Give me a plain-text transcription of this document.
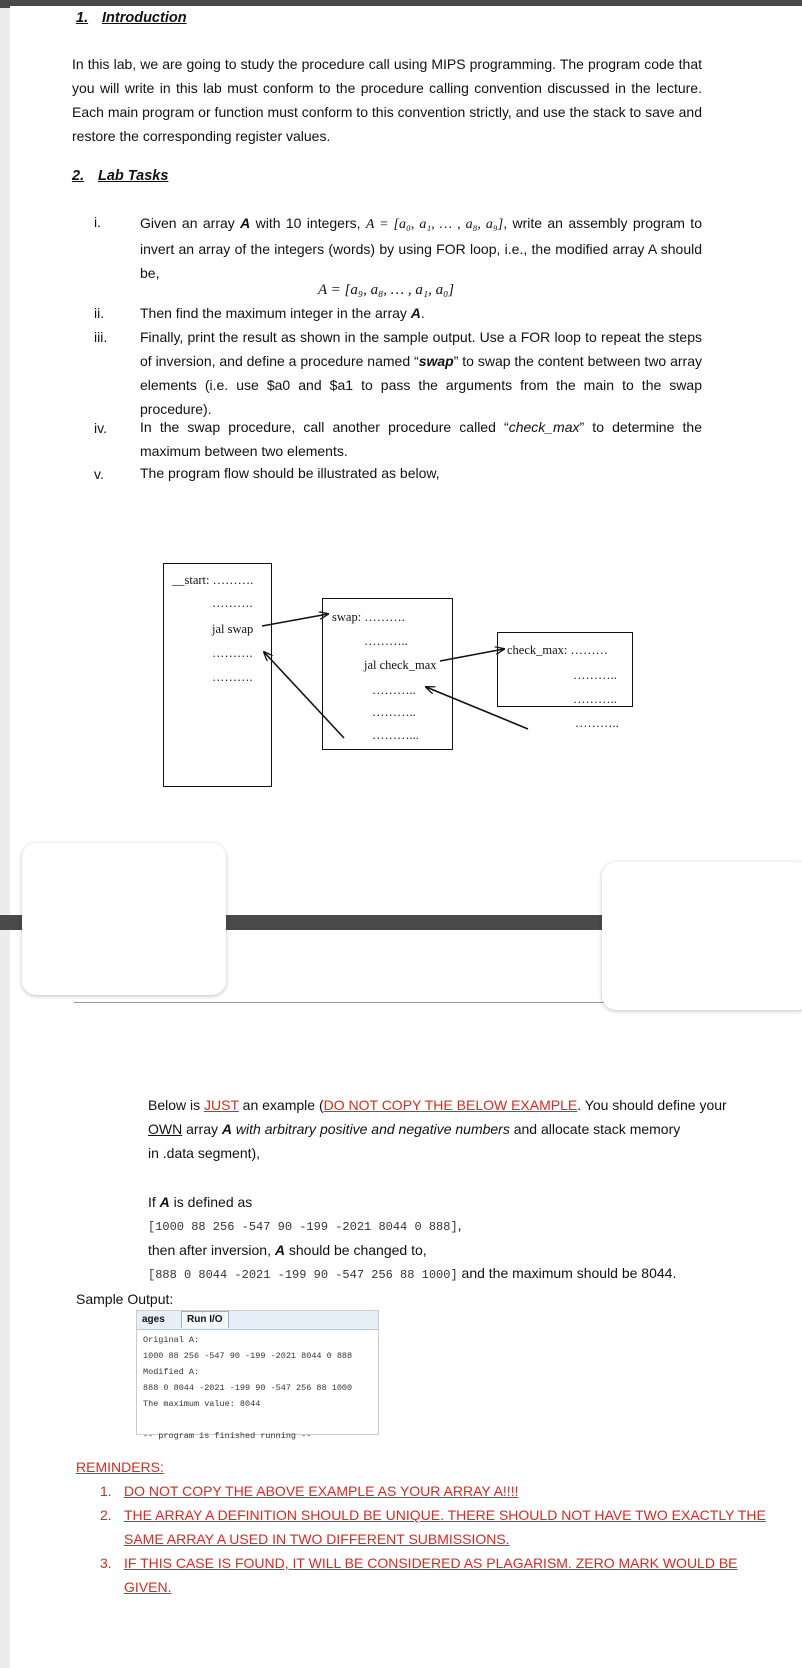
1. Introduction
In this lab, we are going to study the procedure call using MIPS programming. The program code that you will write in this lab must conform to the procedure calling convention discussed in the lecture. Each main program or function must conform to this convention strictly, and use the stack to save and restore the corresponding register values.
2. Lab Tasks
i.	Given an array A with 10 integers, A = [a₀, a₁, … , a₈, a₉], write an assembly program to invert an array of the integers (words) by using FOR loop, i.e., the modified array A should be,
A = [a₉, a₈, … , a₁, a₀]
ii.	Then find the maximum integer in the array A.
iii. Finally, print the result as shown in the sample output. Use a FOR loop to repeat the steps of inversion, and define a procedure named “swap” to swap the content between two array elements (i.e. use $a0 and $a1 to pass the arguments from the main to the swap procedure).
iv. In the swap procedure, call another procedure called “check_max” to determine the maximum between two elements.
v.	The program flow should be illustrated as below,
__start: ……….
……….
jal swap
……….
……….
swap: ……….
………..
jal check_max
………..
………..
………...
check_max: ………
………..
………..
………..
Below is JUST an example (DO NOT COPY THE BELOW EXAMPLE. You should define your
OWN array A with arbitrary positive and negative numbers and allocate stack memory
in .data segment),
If A is defined as
[1000 88 256 -547 90 -199 -2021 8044 0 888],
then after inversion, A should be changed to,
[888 0 8044 -2021 -199 90 -547 256 88 1000] and the maximum should be 8044.
Sample Output:
ages	Run I/O
Original A:
1000 88 256 -547 90 -199 -2021 8044 0 888
Modified A:
888 0 8044 -2021 -199 90 -547 256 88 1000
The maximum value: 8044
-- program is finished running --
REMINDERS:
1. DO NOT COPY THE ABOVE EXAMPLE AS YOUR ARRAY A!!!!
2. THE ARRAY A DEFINITION SHOULD BE UNIQUE. THERE SHOULD NOT HAVE TWO EXACTLY THE
SAME ARRAY A USED IN TWO DIFFERENT SUBMISSIONS.
3. IF THIS CASE IS FOUND, IT WILL BE CONSIDERED AS PLAGARISM. ZERO MARK WOULD BE
GIVEN.
